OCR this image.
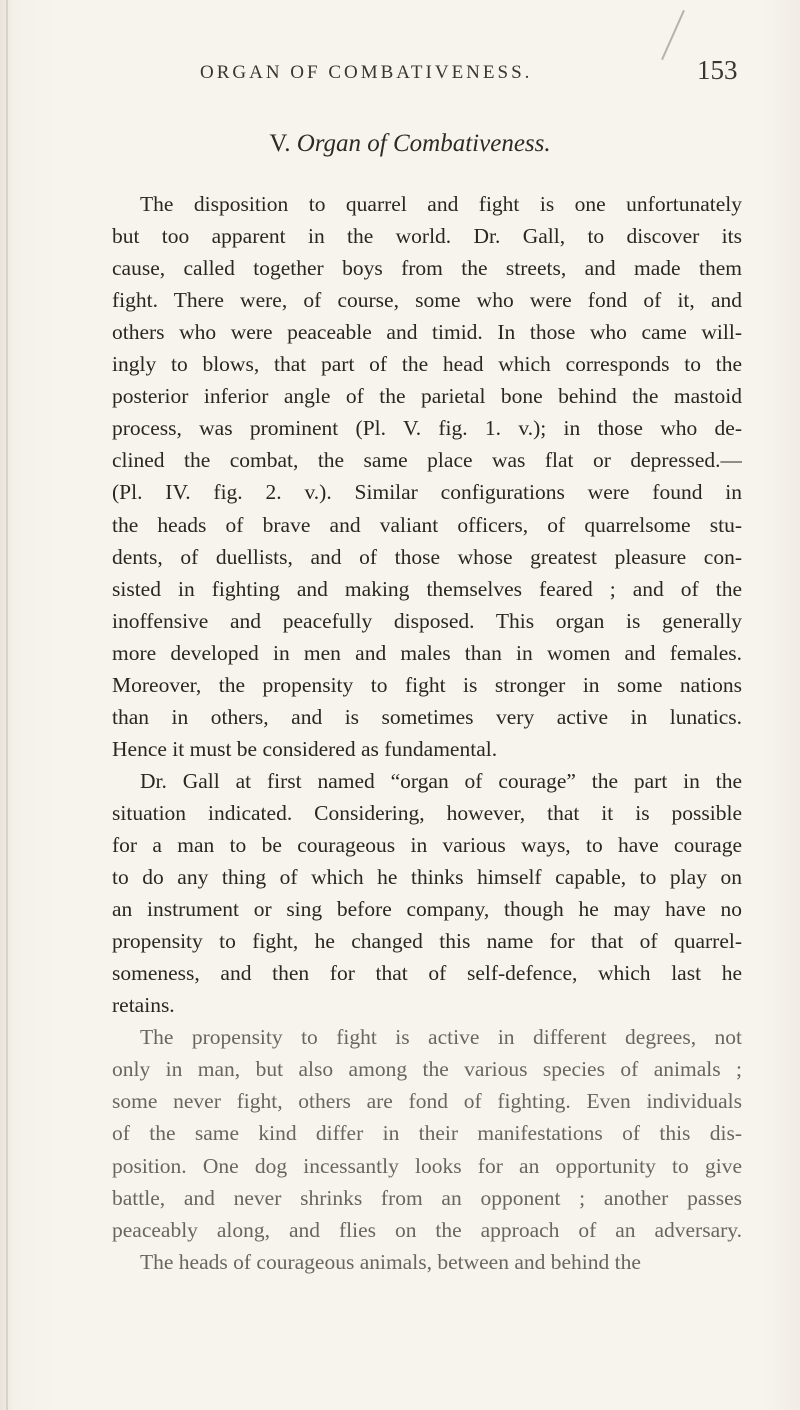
ORGAN OF COMBATIVENESS.	153
V. Organ of Combativeness.
The disposition to quarrel and fight is one unfortunately
but too apparent in the world. Dr. Gall, to discover its
cause, called together boys from the streets, and made them
fight. There were, of course, some who were fond of it, and
others who were peaceable and timid. In those who came will-
ingly to blows, that part of the head which corresponds to the
posterior inferior angle of the parietal bone behind the mastoid
process, was prominent (Pl. V. fig. 1. v.); in those who de-
clined the combat, the same place was flat or depressed.—
(Pl. IV. fig. 2. v.). Similar configurations were found in
the heads of brave and valiant officers, of quarrelsome stu-
dents, of duellists, and of those whose greatest pleasure con-
sisted in fighting and making themselves feared ; and of the
inoffensive and peacefully disposed. This organ is generally
more developed in men and males than in women and females.
Moreover, the propensity to fight is stronger in some nations
than in others, and is sometimes very active in lunatics.
Hence it must be considered as fundamental.
Dr. Gall at first named “organ of courage” the part in the
situation indicated. Considering, however, that it is possible
for a man to be courageous in various ways, to have courage
to do any thing of which he thinks himself capable, to play on
an instrument or sing before company, though he may have no
propensity to fight, he changed this name for that of quarrel-
someness, and then for that of self-defence, which last he
retains.
The propensity to fight is active in different degrees, not
only in man, but also among the various species of animals ;
some never fight, others are fond of fighting. Even individuals
of the same kind differ in their manifestations of this dis-
position. One dog incessantly looks for an opportunity to give
battle, and never shrinks from an opponent ; another passes
peaceably along, and flies on the approach of an adversary.
The heads of courageous animals, between and behind the
